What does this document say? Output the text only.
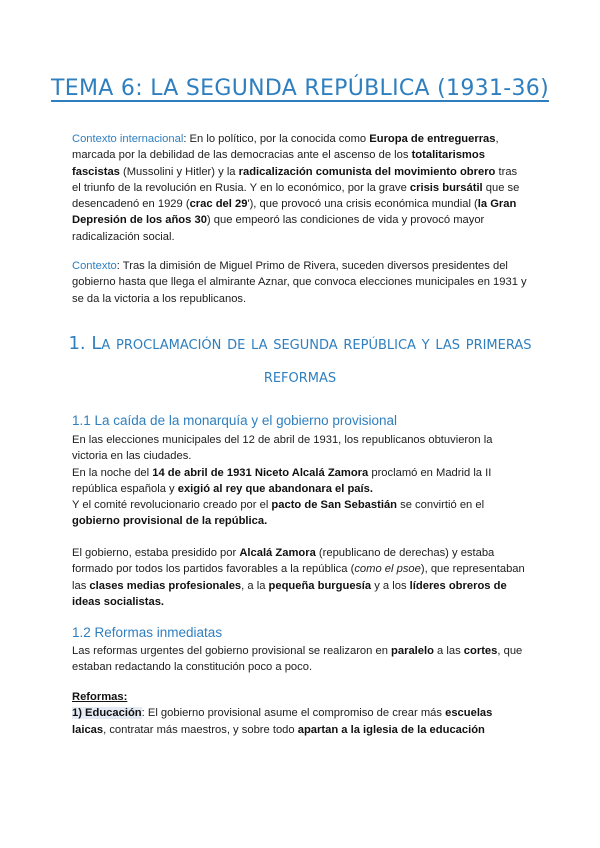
TEMA 6: LA SEGUNDA REPÚBLICA (1931-36)

Contexto internacional: En lo político, por la conocida como Europa de entreguerras, marcada por la debilidad de las democracias ante el ascenso de los totalitarismos fascistas (Mussolini y Hitler) y la radicalización comunista del movimiento obrero tras el triunfo de la revolución en Rusia. Y en lo económico, por la grave crisis bursátil que se desencadenó en 1929 (crac del 29'), que provocó una crisis económica mundial (la Gran Depresión de los años 30) que empeoró las condiciones de vida y provocó mayor radicalización social.

Contexto: Tras la dimisión de Miguel Primo de Rivera, suceden diversos presidentes del gobierno hasta que llega el almirante Aznar, que convoca elecciones municipales en 1931 y se da la victoria a los republicanos.

1. La proclamación de la segunda república y las primeras reformas
1.1 La caída de la monarquía y el gobierno provisional

En las elecciones municipales del 12 de abril de 1931, los republicanos obtuvieron la victoria en las ciudades.

En la noche del 14 de abril de 1931 Niceto Alcalá Zamora proclamó en Madrid la II república española y exigió al rey que abandonara el país.

Y el comité revolucionario creado por el pacto de San Sebastián se convirtió en el gobierno provisional de la república.

El gobierno, estaba presidido por Alcalá Zamora (republicano de derechas) y estaba formado por todos los partidos favorables a la república (como el psoe), que representaban las clases medias profesionales, a la pequeña burguesía y a los líderes obreros de ideas socialistas.

1.2 Reformas inmediatas

Las reformas urgentes del gobierno provisional se realizaron en paralelo a las cortes, que estaban redactando la constitución poco a poco.

Reformas:

1) Educación: El gobierno provisional asume el compromiso de crear más escuelas laicas, contratar más maestros, y sobre todo apartan a la iglesia de la educación
